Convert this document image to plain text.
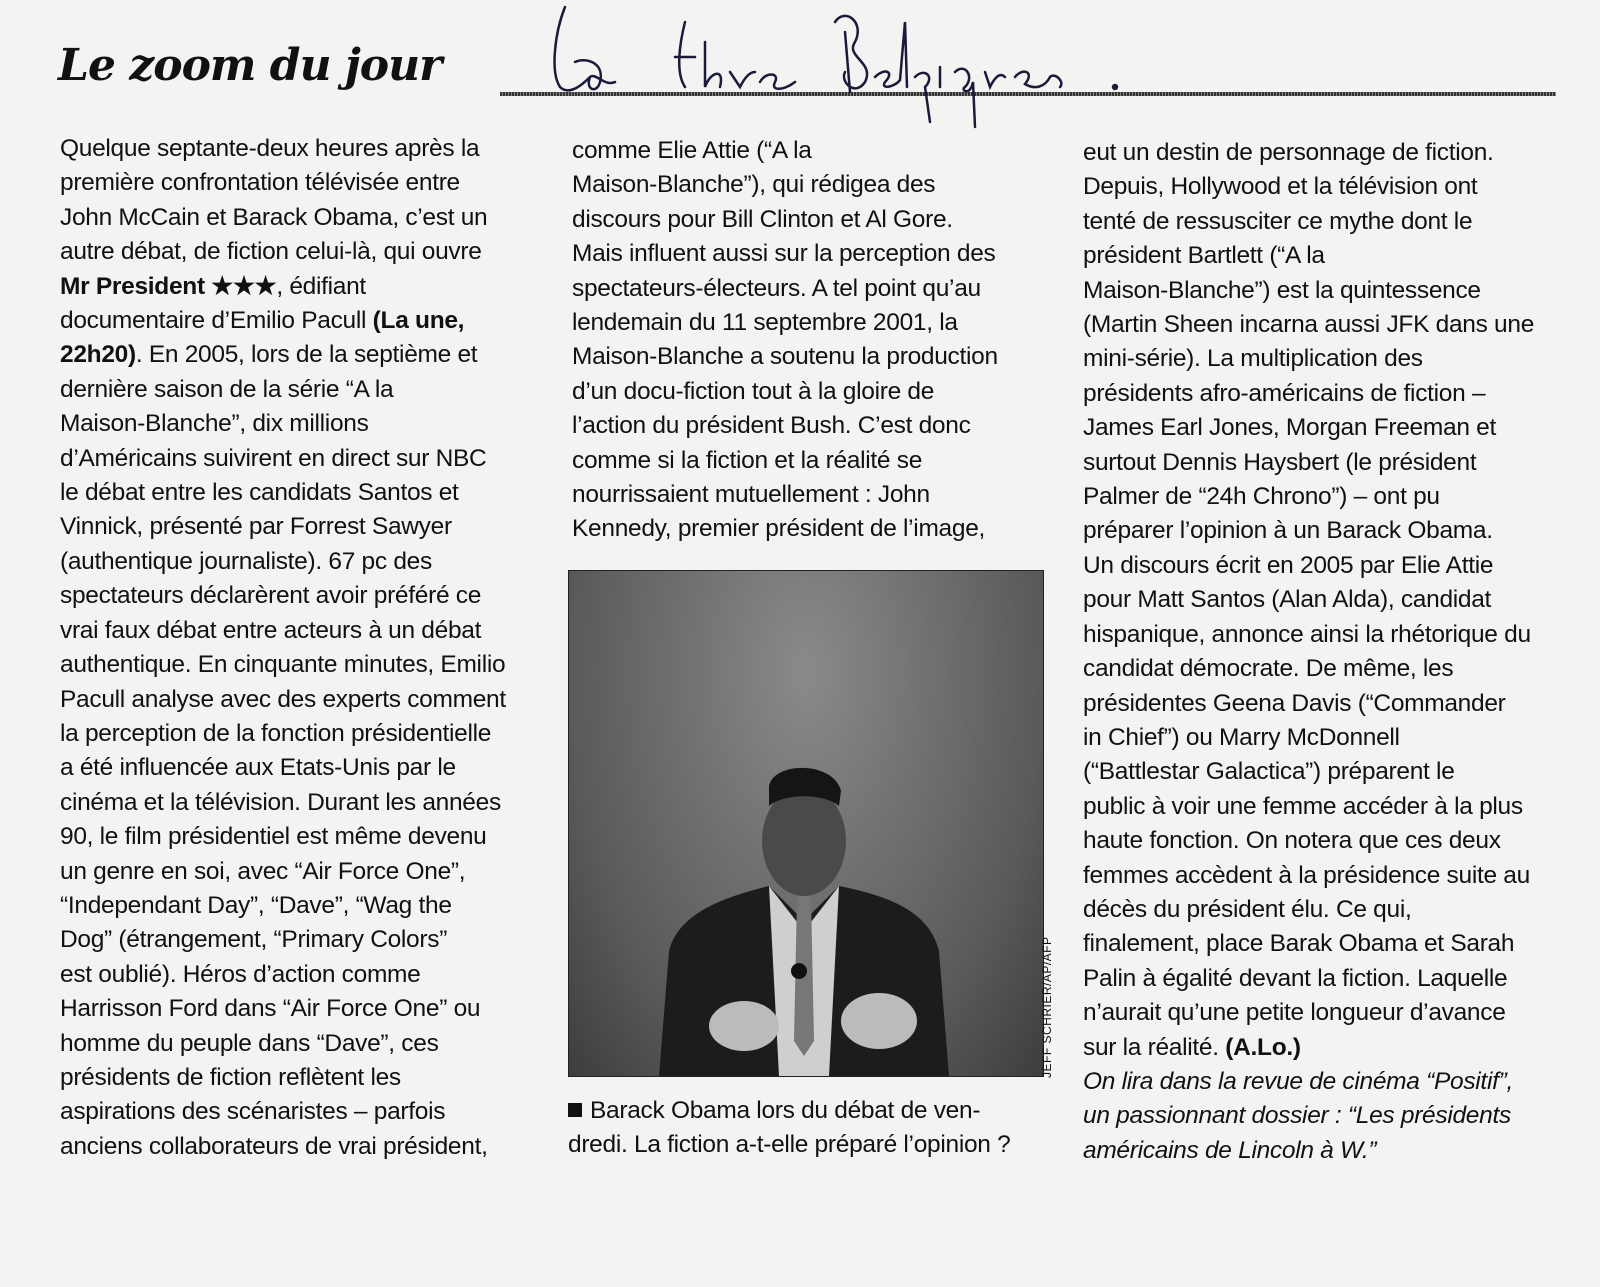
Le zoom du jour
Quelque septante-deux heures après la
première confrontation télévisée entre
John McCain et Barack Obama, c’est un
autre débat, de fiction celui-là, qui ouvre
Mr President ★★★, édifiant
documentaire d’Emilio Pacull (La une,
22h20). En 2005, lors de la septième et
dernière saison de la série “A la
Maison-Blanche”, dix millions
d’Américains suivirent en direct sur NBC
le débat entre les candidats Santos et
Vinnick, présenté par Forrest Sawyer
(authentique journaliste). 67 pc des
spectateurs déclarèrent avoir préféré ce
vrai faux débat entre acteurs à un débat
authentique. En cinquante minutes, Emilio
Pacull analyse avec des experts comment
la perception de la fonction présidentielle
a été influencée aux Etats-Unis par le
cinéma et la télévision. Durant les années
90, le film présidentiel est même devenu
un genre en soi, avec “Air Force One”,
“Independant Day”, “Dave”, “Wag the
Dog” (étrangement, “Primary Colors”
est oublié). Héros d’action comme
Harrisson Ford dans “Air Force One” ou
homme du peuple dans “Dave”, ces
présidents de fiction reflètent les
aspirations des scénaristes – parfois
anciens collaborateurs de vrai président,
comme Elie Attie (“A la
Maison-Blanche”), qui rédigea des
discours pour Bill Clinton et Al Gore.
Mais influent aussi sur la perception des
spectateurs-électeurs. A tel point qu’au
lendemain du 11 septembre 2001, la
Maison-Blanche a soutenu la production
d’un docu-fiction tout à la gloire de
l’action du président Bush. C’est donc
comme si la fiction et la réalité se
nourrissaient mutuellement : John
Kennedy, premier président de l’image,
eut un destin de personnage de fiction.
Depuis, Hollywood et la télévision ont
tenté de ressusciter ce mythe dont le
président Bartlett (“A la
Maison-Blanche”) est la quintessence
(Martin Sheen incarna aussi JFK dans une
mini-série). La multiplication des
présidents afro-américains de fiction –
James Earl Jones, Morgan Freeman et
surtout Dennis Haysbert (le président
Palmer de “24h Chrono”) – ont pu
préparer l’opinion à un Barack Obama.
Un discours écrit en 2005 par Elie Attie
pour Matt Santos (Alan Alda), candidat
hispanique, annonce ainsi la rhétorique du
candidat démocrate. De même, les
présidentes Geena Davis (“Commander
in Chief”) ou Marry McDonnell
(“Battlestar Galactica”) préparent le
public à voir une femme accéder à la plus
haute fonction. On notera que ces deux
femmes accèdent à la présidence suite au
décès du président élu. Ce qui,
finalement, place Barak Obama et Sarah
Palin à égalité devant la fiction. Laquelle
n’aurait qu’une petite longueur d’avance
sur la réalité. (A.Lo.)
On lira dans la revue de cinéma “Positif”,
un passionnant dossier : “Les présidents
américains de Lincoln à W.”
JEFF SCHRIER/AP/AFP
Barack Obama lors du débat de ven-
dredi. La fiction a-t-elle préparé l’opinion ?
